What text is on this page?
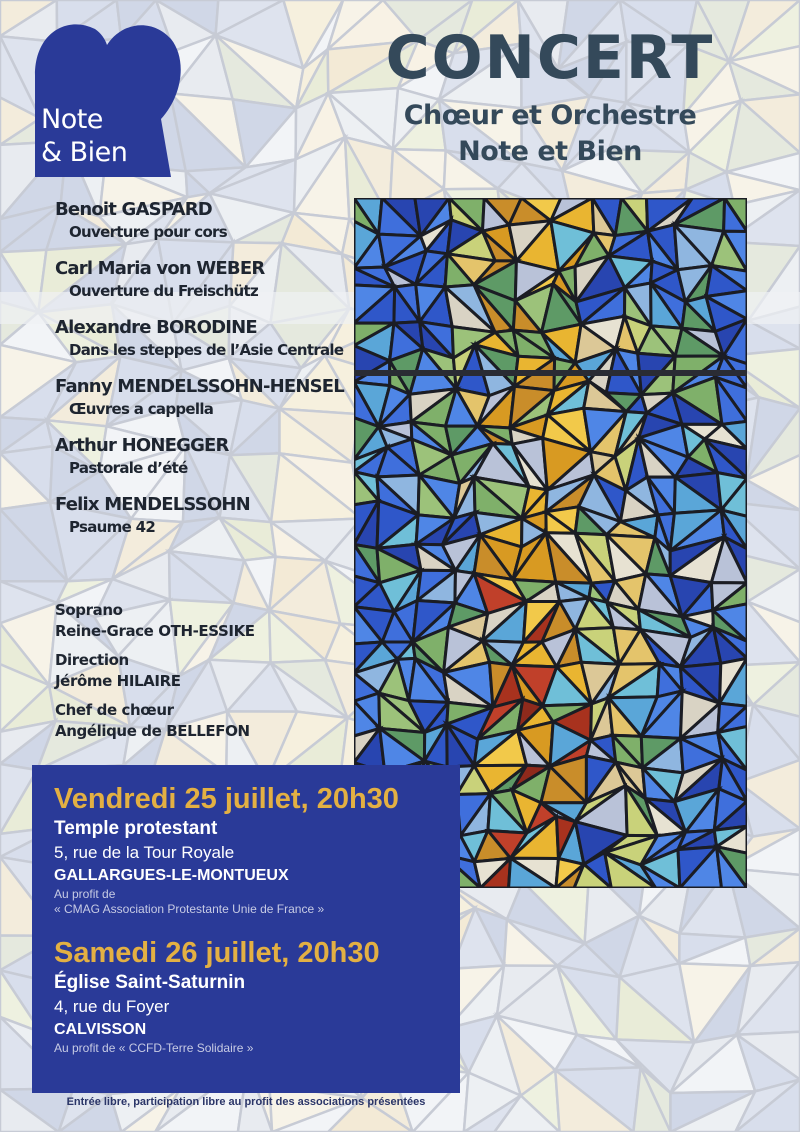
Note
& Bien
CONCERT
Chœur et Orchestre
Note et Bien
Benoit GASPARD
Ouverture pour cors
Carl Maria von WEBER
Ouverture du Freischütz
Alexandre BORODINE
Dans les steppes de l’Asie Centrale
Fanny MENDELSSOHN-HENSEL
Œuvres a cappella
Arthur HONEGGER
Pastorale d’été
Felix MENDELSSOHN
Psaume 42
Soprano
Reine-Grace OTH-ESSIKE
Direction
Jérôme HILAIRE
Chef de chœur
Angélique de BELLEFON
Vendredi 25 juillet, 20h30
Temple protestant
5, rue de la Tour Royale
GALLARGUES-LE-MONTUEUX
Au profit de
« CMAG Association Protestante Unie de France »
Samedi 26 juillet, 20h30
Église Saint-Saturnin
4, rue du Foyer
CALVISSON
Au profit de « CCFD-Terre Solidaire »
Entrée libre, participation libre au profit des associations présentées
